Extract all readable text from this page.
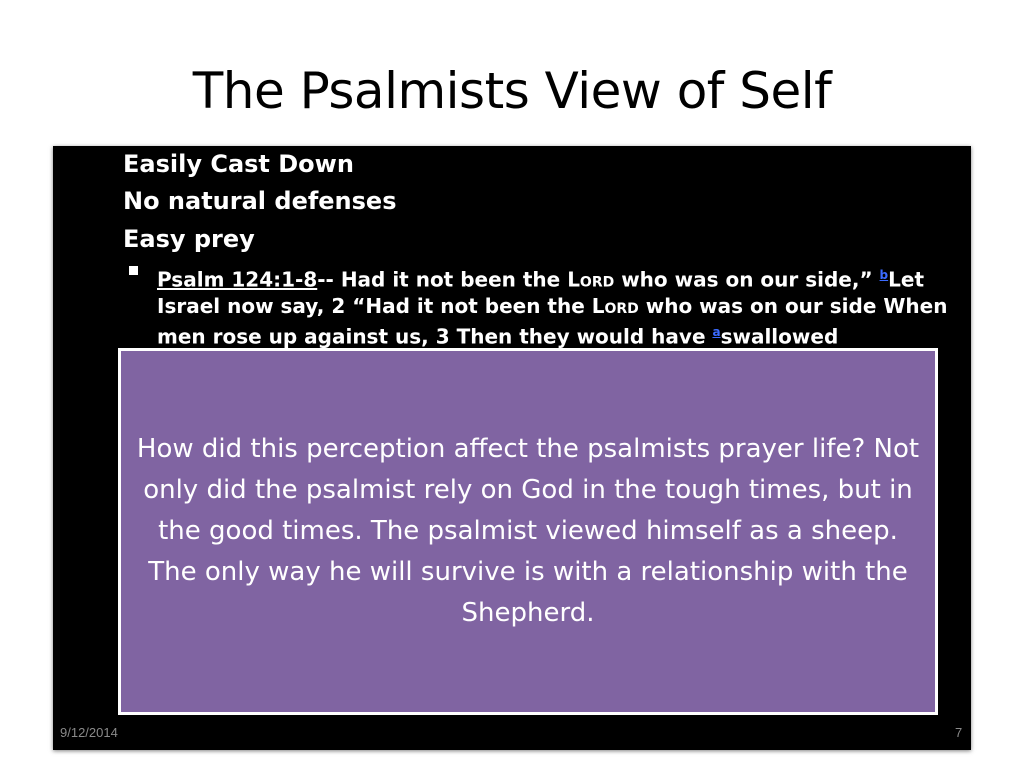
The Psalmists View of Self
Easily Cast Down
No natural defenses
Easy prey
Psalm 124:1-8-- Had it not been the Lord who was on our side,” $^b$Let Israel now say, 2 “Had it not been the Lord who was on our side When men rose up against us, 3 Then they would have $^a$swallowed
How did this perception affect the psalmists prayer life? Not only did the psalmist rely on God in the tough times, but in the good times. The psalmist viewed himself as a sheep. The only way he will survive is with a relationship with the Shepherd.
9/12/2014	7
